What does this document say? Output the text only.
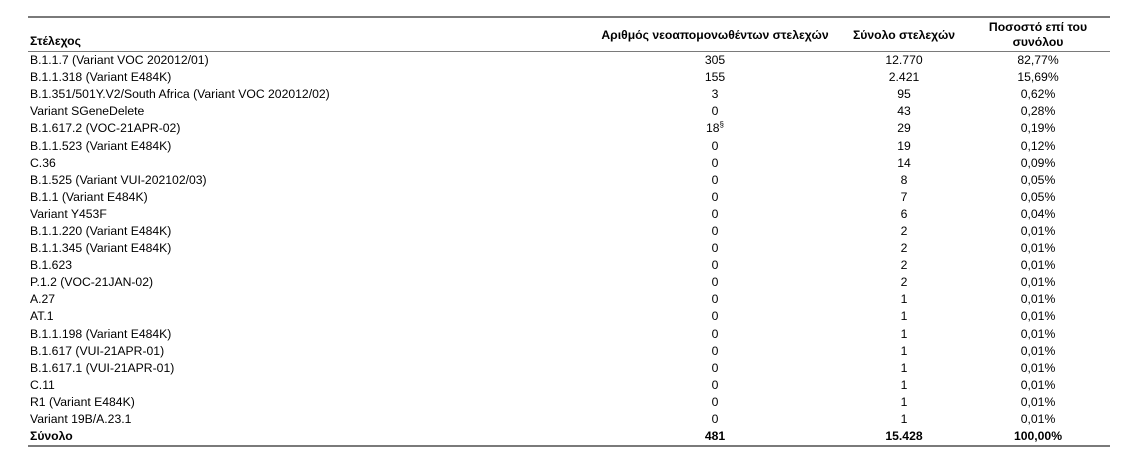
Στέλεχος	Αριθμός νεοαπομονωθέντων στελεχών	Σύνολο στελεχών	Ποσοστό επί του συνόλου
B.1.1.7 (Variant VOC 202012/01)	305	12.770	82,77%
B.1.1.318 (Variant E484K)	155	2.421	15,69%
B.1.351/501Y.V2/South Africa (Variant VOC 202012/02)	3	95	0,62%
Variant SGeneDelete	0	43	0,28%
B.1.617.2 (VOC-21APR-02)	18§	29	0,19%
B.1.1.523 (Variant E484K)	0	19	0,12%
C.36	0	14	0,09%
B.1.525 (Variant VUI-202102/03)	0	8	0,05%
B.1.1 (Variant E484K)	0	7	0,05%
Variant Y453F	0	6	0,04%
B.1.1.220 (Variant E484K)	0	2	0,01%
B.1.1.345 (Variant E484K)	0	2	0,01%
B.1.623	0	2	0,01%
P.1.2 (VOC-21JAN-02)	0	2	0,01%
A.27	0	1	0,01%
AT.1	0	1	0,01%
B.1.1.198 (Variant E484K)	0	1	0,01%
B.1.617 (VUI-21APR-01)	0	1	0,01%
B.1.617.1 (VUI-21APR-01)	0	1	0,01%
C.11	0	1	0,01%
R1 (Variant E484K)	0	1	0,01%
Variant 19B/A.23.1	0	1	0,01%
Σύνολο	481	15.428	100,00%
